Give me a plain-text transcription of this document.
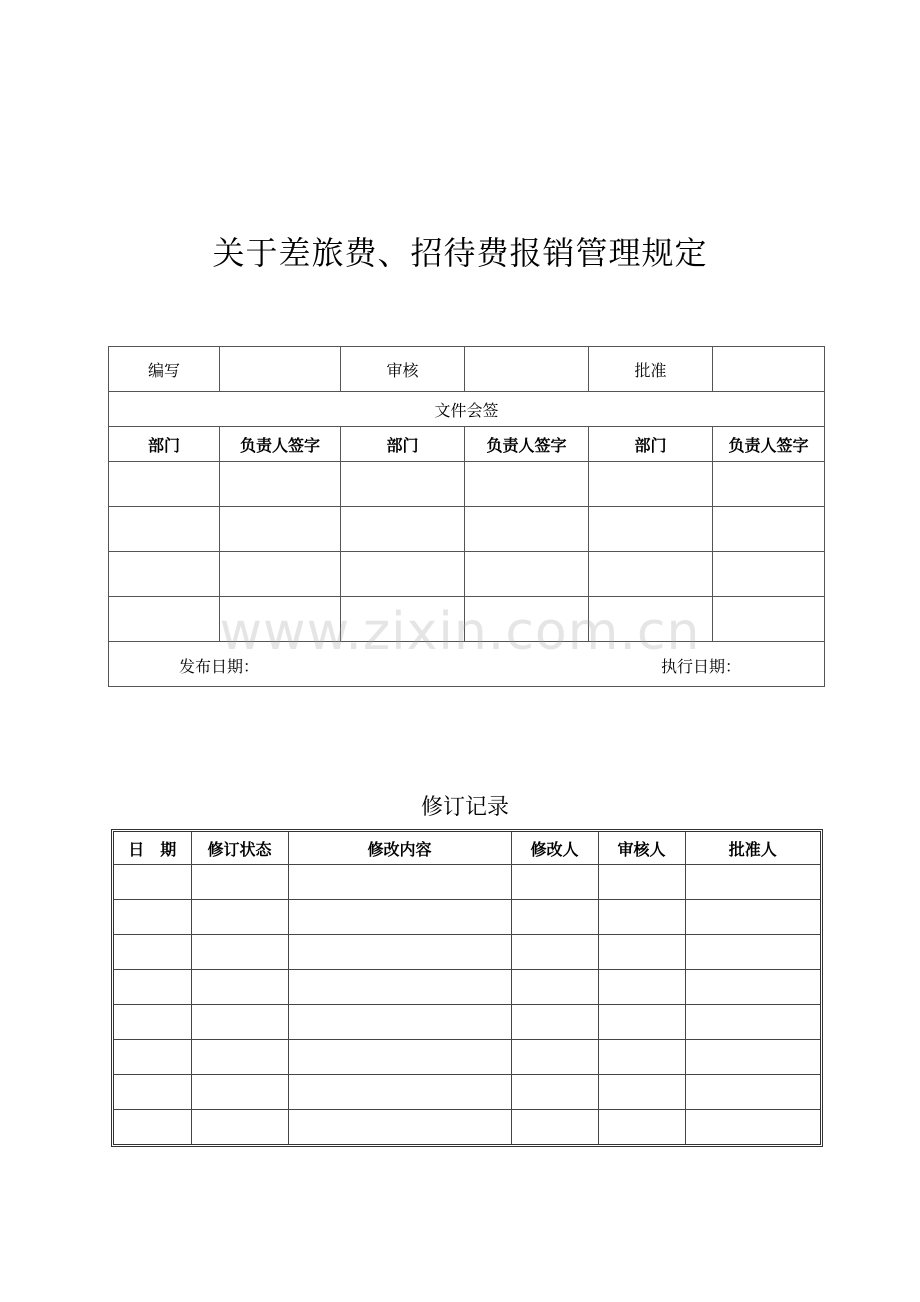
关于差旅费、招待费报销管理规定
编写		审核		批准	
文件会签					
部门	负责人签字	部门	负责人签字	部门	负责人签字

发布日期： 执行日期：					
www.zixin.com.cn
修订记录
日　期	修订状态	修改内容	修改人	审核人	批准人
